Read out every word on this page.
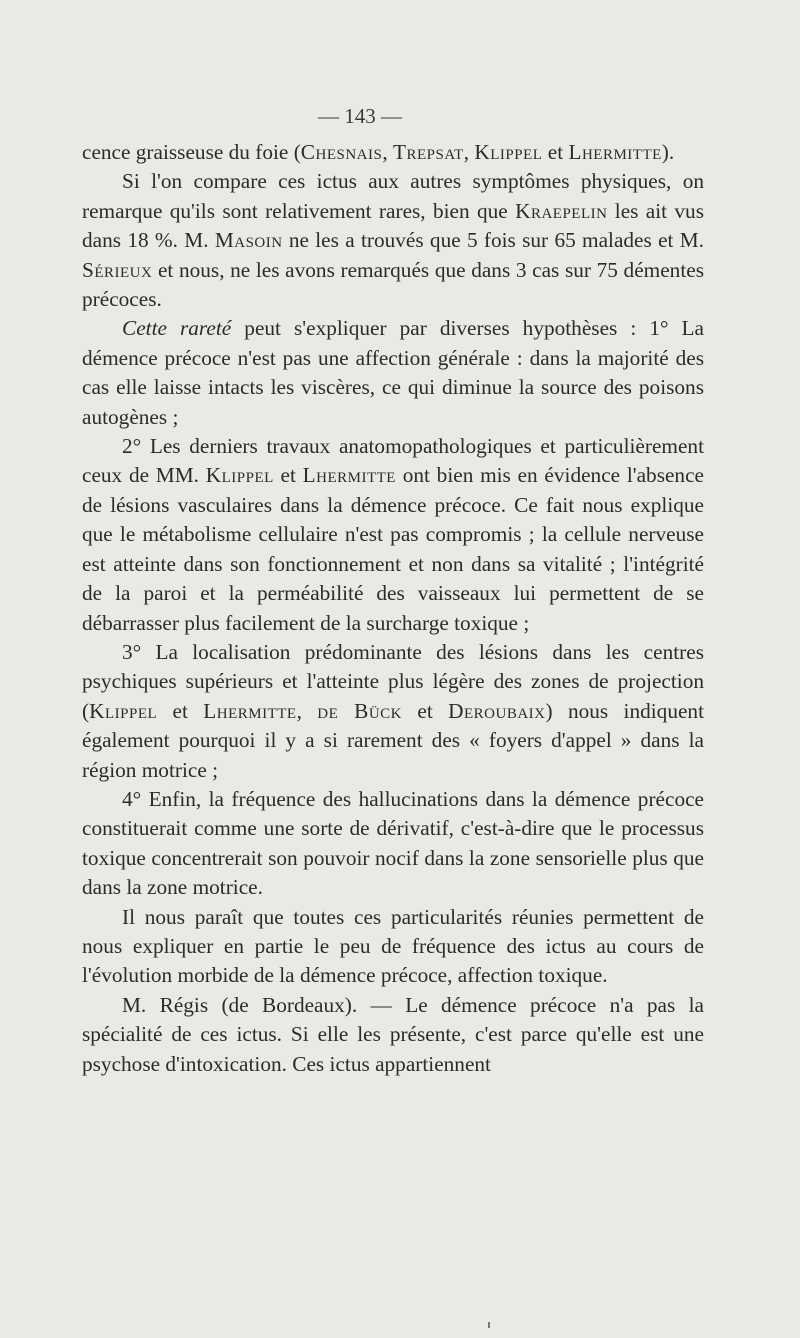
— 143 —

cence graisseuse du foie (Chesnais, Trepsat, Klippel et Lhermitte).

Si l'on compare ces ictus aux autres symptômes physiques, on remarque qu'ils sont relativement rares, bien que Kraepelin les ait vus dans 18 %. M. Masoin ne les a trouvés que 5 fois sur 65 malades et M. Sérieux et nous, ne les avons remarqués que dans 3 cas sur 75 démentes précoces.

Cette rareté peut s'expliquer par diverses hypothèses : 1° La démence précoce n'est pas une affection générale : dans la majorité des cas elle laisse intacts les viscères, ce qui diminue la source des poisons autogènes ;

2° Les derniers travaux anatomopathologiques et particulièrement ceux de MM. Klippel et Lhermitte ont bien mis en évidence l'absence de lésions vasculaires dans la démence précoce. Ce fait nous explique que le métabolisme cellulaire n'est pas compromis ; la cellule nerveuse est atteinte dans son fonctionnement et non dans sa vitalité ; l'intégrité de la paroi et la perméabilité des vaisseaux lui permettent de se débarrasser plus facilement de la surcharge toxique ;

3° La localisation prédominante des lésions dans les centres psychiques supérieurs et l'atteinte plus légère des zones de projection (Klippel et Lhermitte, de Bück et Deroubaix) nous indiquent également pourquoi il y a si rarement des « foyers d'appel » dans la région motrice ;

4° Enfin, la fréquence des hallucinations dans la démence précoce constituerait comme une sorte de dérivatif, c'est-à-dire que le processus toxique concentrerait son pouvoir nocif dans la zone sensorielle plus que dans la zone motrice.

Il nous paraît que toutes ces particularités réunies permettent de nous expliquer en partie le peu de fréquence des ictus au cours de l'évolution morbide de la démence précoce, affection toxique.

M. Régis (de Bordeaux). — Le démence précoce n'a pas la spécialité de ces ictus. Si elle les présente, c'est parce qu'elle est une psychose d'intoxication. Ces ictus appartiennent
